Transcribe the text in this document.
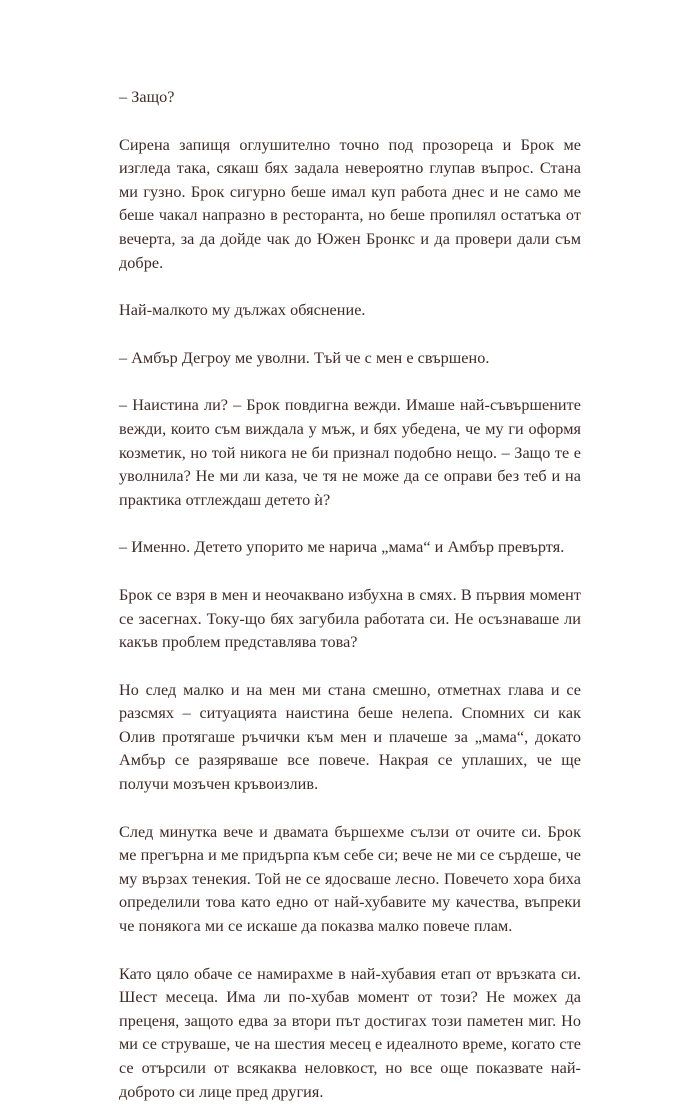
– Защо?

Сирена запищя оглушително точно под прозореца и Брок ме изгледа така, сякаш бях задала невероятно глупав въпрос. Стана ми гузно. Брок сигурно беше имал куп работа днес и не само ме беше чакал напразно в ресторанта, но беше пропилял остатъка от вечерта, за да дойде чак до Южен Бронкс и да провери дали съм добре.

Най-малкото му дължах обяснение.

– Амбър Дегроу ме уволни. Тъй че с мен е свършено.

– Наистина ли? – Брок повдигна вежди. Имаше най-съвършените вежди, които съм виждала у мъж, и бях убедена, че му ги оформя козметик, но той никога не би признал подобно нещо. – Защо те е уволнила? Не ми ли каза, че тя не може да се оправи без теб и на практика отглеждаш детето ѝ?

– Именно. Детето упорито ме нарича „мама“ и Амбър превъртя.

Брок се взря в мен и неочаквано избухна в смях. В първия момент се засегнах. Току-що бях загубила работата си. Не осъзнаваше ли какъв проблем представлява това?

Но след малко и на мен ми стана смешно, отметнах глава и се разсмях – ситуацията наистина беше нелепа. Спомних си как Олив протягаше ръчички към мен и плачеше за „мама“, докато Амбър се разяряваше все повече. Накрая се уплаших, че ще получи мозъчен кръвоизлив.

След минутка вече и двамата бършехме сълзи от очите си. Брок ме прегърна и ме придърпа към себе си; вече не ми се сърдеше, че му вързах тенекия. Той не се ядосваше лесно. Повечето хора биха определили това като едно от най-хубавите му качества, въпреки че понякога ми се искаше да показва малко повече плам.

Като цяло обаче се намирахме в най-хубавия етап от връзката си. Шест месеца. Има ли по-хубав момент от този? Не можех да преценя, защото едва за втори път достигах този паметен миг. Но ми се струваше, че на шестия месец е идеалното време, когато сте се отърсили от всякаква неловкост, но все още показвате най-доброто си лице пред другия.
